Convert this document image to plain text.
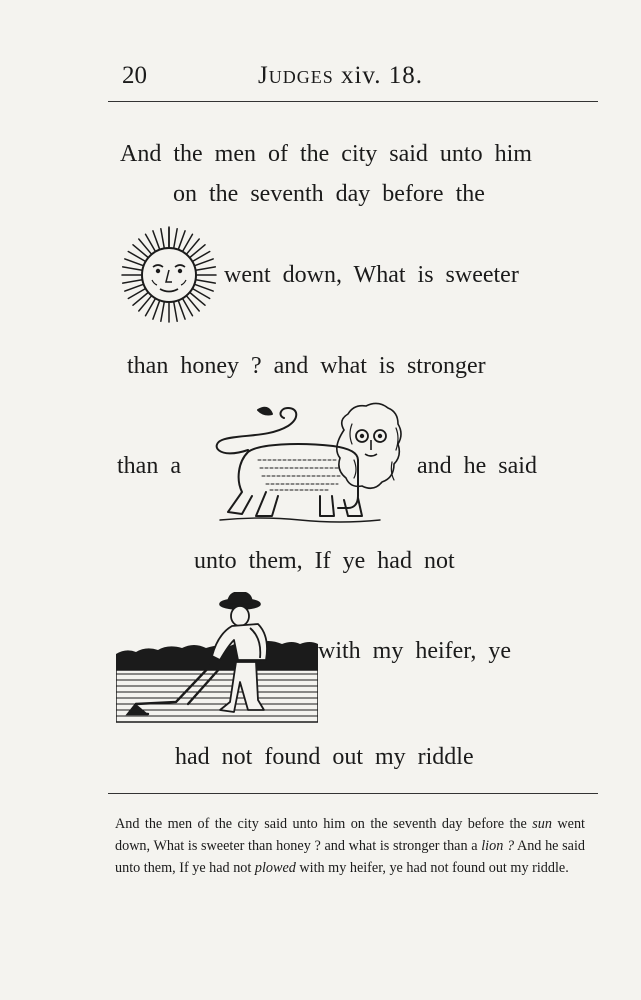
20	Judges xiv. 18.
And the men of the city said unto him
on the seventh day before the
went down, What is sweeter
than honey ? and what is stronger
than a	and he said
unto them, If ye had not
with my heifer, ye
had not found out my riddle
And the men of the city said unto him on the seventh day before the sun went down, What is sweeter than honey ? and what is stronger than a lion ? And he said unto them, If ye had not plowed with my heifer, ye had not found out my riddle.
